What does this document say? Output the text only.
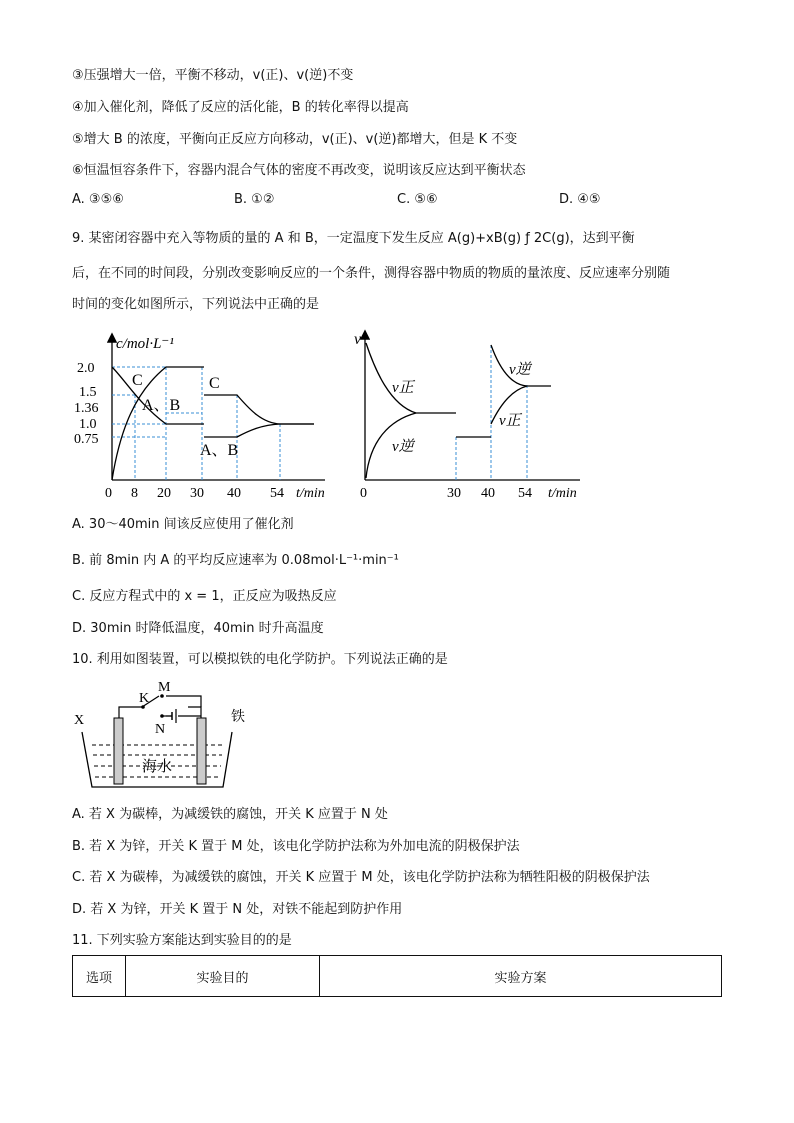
③压强增大一倍，平衡不移动，v(正)、v(逆)不变
④加入催化剂，降低了反应的活化能，B 的转化率得以提高
⑤增大 B 的浓度，平衡向正反应方向移动，v(正)、v(逆)都增大，但是 K 不变
⑥恒温恒容条件下，容器内混合气体的密度不再改变，说明该反应达到平衡状态
A. ③⑤⑥	B. ①②	C. ⑤⑥	D. ④⑤
9. 某密闭容器中充入等物质的量的 A 和 B，一定温度下发生反应 A(g)+xB(g) ƒ 2C(g)，达到平衡
后，在不同的时间段，分别改变影响反应的一个条件，测得容器中物质的物质的量浓度、反应速率分别随
时间的变化如图所示，下列说法中正确的是
c/mol·L⁻¹
2.0
1.5
1.36
1.0
0.75
0 8 20 30 40 54 t/min
C
A、B
C
A、B
v
0	30 40 54 t/min
v正
v逆
v逆
v正
A. 30～40min 间该反应使用了催化剂
B. 前 8min 内 A 的平均反应速率为 0.08mol·L⁻¹·min⁻¹
C. 反应方程式中的 x = 1，正反应为吸热反应
D. 30min 时降低温度，40min 时升高温度
10. 利用如图装置，可以模拟铁的电化学防护。下列说法正确的是
X
K
M
N
铁
海水
A. 若 X 为碳棒，为减缓铁的腐蚀，开关 K 应置于 N 处
B. 若 X 为锌，开关 K 置于 M 处，该电化学防护法称为外加电流的阴极保护法
C. 若 X 为碳棒，为减缓铁的腐蚀，开关 K 应置于 M 处，该电化学防护法称为牺牲阳极的阴极保护法
D. 若 X 为锌，开关 K 置于 N 处，对铁不能起到防护作用
11. 下列实验方案能达到实验目的的是
选项	实验目的	实验方案
